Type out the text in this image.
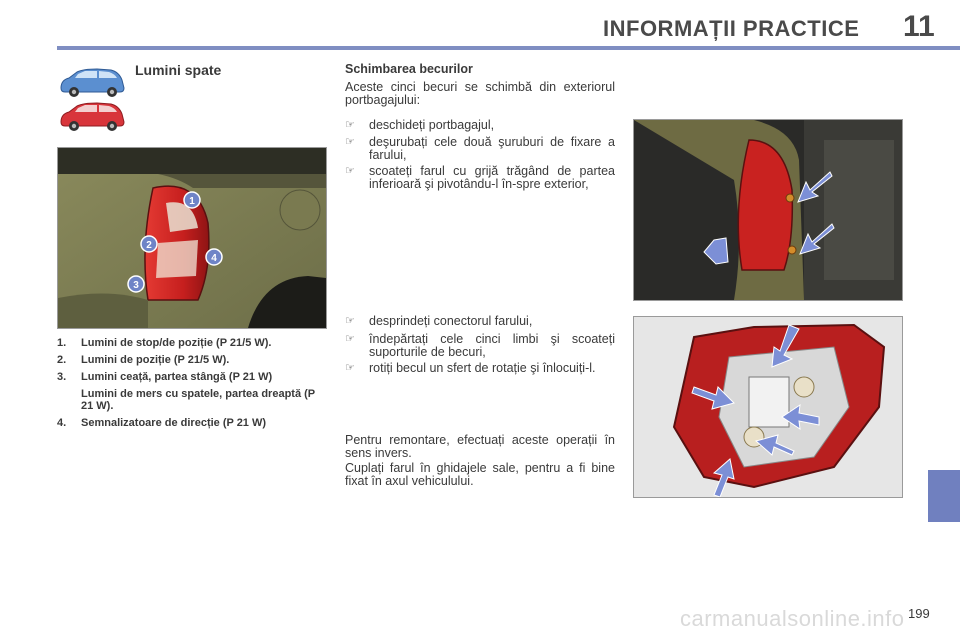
INFORMAȚII PRACTICE 11
Lumini spate
1
2
3
4
1. Lumini de stop/de poziție (P 21/5 W).
2. Lumini de poziție (P 21/5 W).
3. Lumini ceață, partea stângă (P 21 W)
Lumini de mers cu spatele, partea dreaptă (P 21 W).
4. Semnalizatoare de direcție (P 21 W)
Schimbarea becurilor
Aceste cinci becuri se schimbă din exteriorul portbagajului:
☞ deschideți portbagajul,
☞ deşurubați cele două şuruburi de fixare a farului,
☞ scoateți farul cu grijă trăgând de partea inferioară şi pivotându-l în-spre exterior,
☞ desprindeți conectorul farului,
☞ îndepărtați cele cinci limbi şi scoateți suporturile de becuri,
☞ rotiți becul un sfert de rotație şi înlocuiți-l.
Pentru remontare, efectuați aceste operații în sens invers.
Cuplați farul în ghidajele sale, pentru a fi bine fixat în axul vehiculului.
carmanualsonline.info 199
